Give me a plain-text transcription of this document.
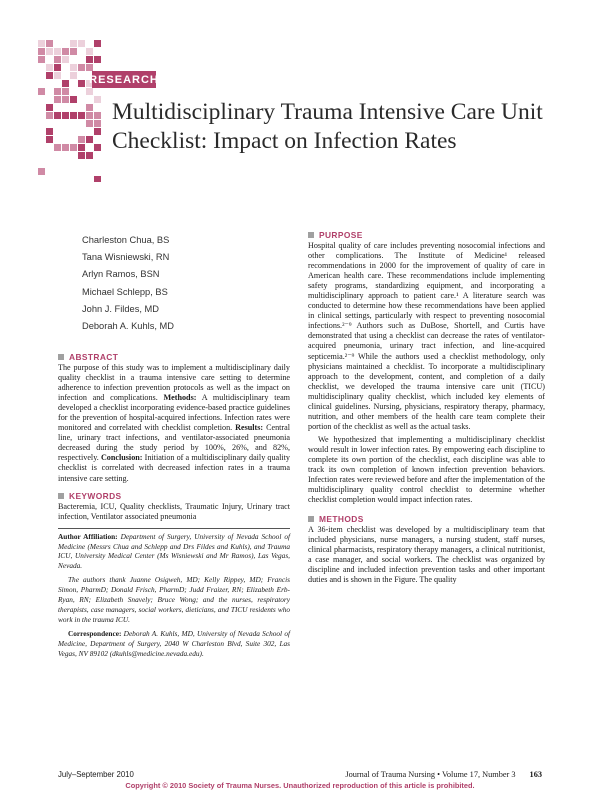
RESEARCH
Multidisciplinary Trauma Intensive Care Unit Checklist: Impact on Infection Rates
Charleston Chua, BS
Tana Wisniewski, RN
Arlyn Ramos, BSN
Michael Schlepp, BS
John J. Fildes, MD
Deborah A. Kuhls, MD
ABSTRACT

The purpose of this study was to implement a multidisciplinary daily quality checklist in a trauma intensive care setting to determine adherence to infection prevention protocols as well as the impact on infection and complications. Methods: A multidisciplinary team developed a checklist incorporating evidence-based practice guidelines for the prevention of hospital-acquired infections. Infection rates were monitored and correlated with checklist completion. Results: Central line, urinary tract infections, and ventilator-associated pneumonia decreased during the study period by 100%, 26%, and 82%, respectively. Conclusion: Initiation of a multidisciplinary daily quality checklist is correlated with decreased infection rates in a trauma intensive care setting.

KEYWORDS

Bacteremia, ICU, Quality checklists, Traumatic Injury, Urinary tract infection, Ventilator associated pneumonia

Author Affiliation: Department of Surgery, University of Nevada School of Medicine (Messrs Chua and Schlepp and Drs Fildes and Kuhls), and Trauma ICU, University Medical Center (Ms Wisniewski and Mr Ramos), Las Vegas, Nevada.

The authors thank Juanne Osigweh, MD; Kelly Rippey, MD; Francis Simon, PharmD; Donald Frisch, PharmD; Judd Fraizer, RN; Elizabeth Erb-Ryan, RN; Elizabeth Snavely; Bruce Wong; and the nurses, respiratory therapists, case managers, social workers, dieticians, and TICU residents who work in the trauma ICU.

Correspondence: Deborah A. Kuhls, MD, University of Nevada School of Medicine, Department of Surgery, 2040 W Charleston Blvd, Suite 302, Las Vegas, NV 89102 (dkuhls@medicine.nevada.edu).

PURPOSE

Hospital quality of care includes preventing nosocomial infections and other complications. The Institute of Medicine¹ released recommendations in 2000 for the improvement of quality of care in American health care. These recommendations include implementing safety programs, standardizing equipment, and incorporating a multidisciplinary approach to patient care.¹ A literature search was conducted to determine how these recommendations have been applied in clinical settings, particularly with respect to preventing nosocomial infections.²⁻⁹ Authors such as DuBose, Shortell, and Curtis have demonstrated that using a checklist can decrease the rates of ventilator-acquired pneumonia, urinary tract infection, and line-acquired septicemia.²⁻⁹ While the authors used a checklist methodology, only physicians maintained a checklist. To incorporate a multidisciplinary approach to the development, content, and completion of a daily checklist, we developed the trauma intensive care unit (TICU) multidisciplinary quality checklist, which included key elements of clinical guidelines. Nursing, physicians, respiratory therapy, pharmacy, nutrition, and other members of the health care team complete their portion of the checklist as well as the actual tasks.

We hypothesized that implementing a multidisciplinary checklist would result in lower infection rates. By empowering each discipline to complete its own portion of the checklist, each discipline was able to track its own completion of known infection prevention behaviors. Infection rates were reviewed before and after the implementation of the multidisciplinary quality control checklist to determine whether checklist completion would impact infection rates.

METHODS

A 36-item checklist was developed by a multidisciplinary team that included physicians, nurse managers, a nursing student, staff nurses, clinical pharmacists, respiratory therapy managers, a clinical nutritionist, a case manager, and social workers. The checklist was organized by discipline and included infection prevention tasks and other important duties and is shown in the Figure. The quality

July–September 2010	Journal of Trauma Nursing • Volume 17, Number 3 163
Copyright © 2010 Society of Trauma Nurses. Unauthorized reproduction of this article is prohibited.
